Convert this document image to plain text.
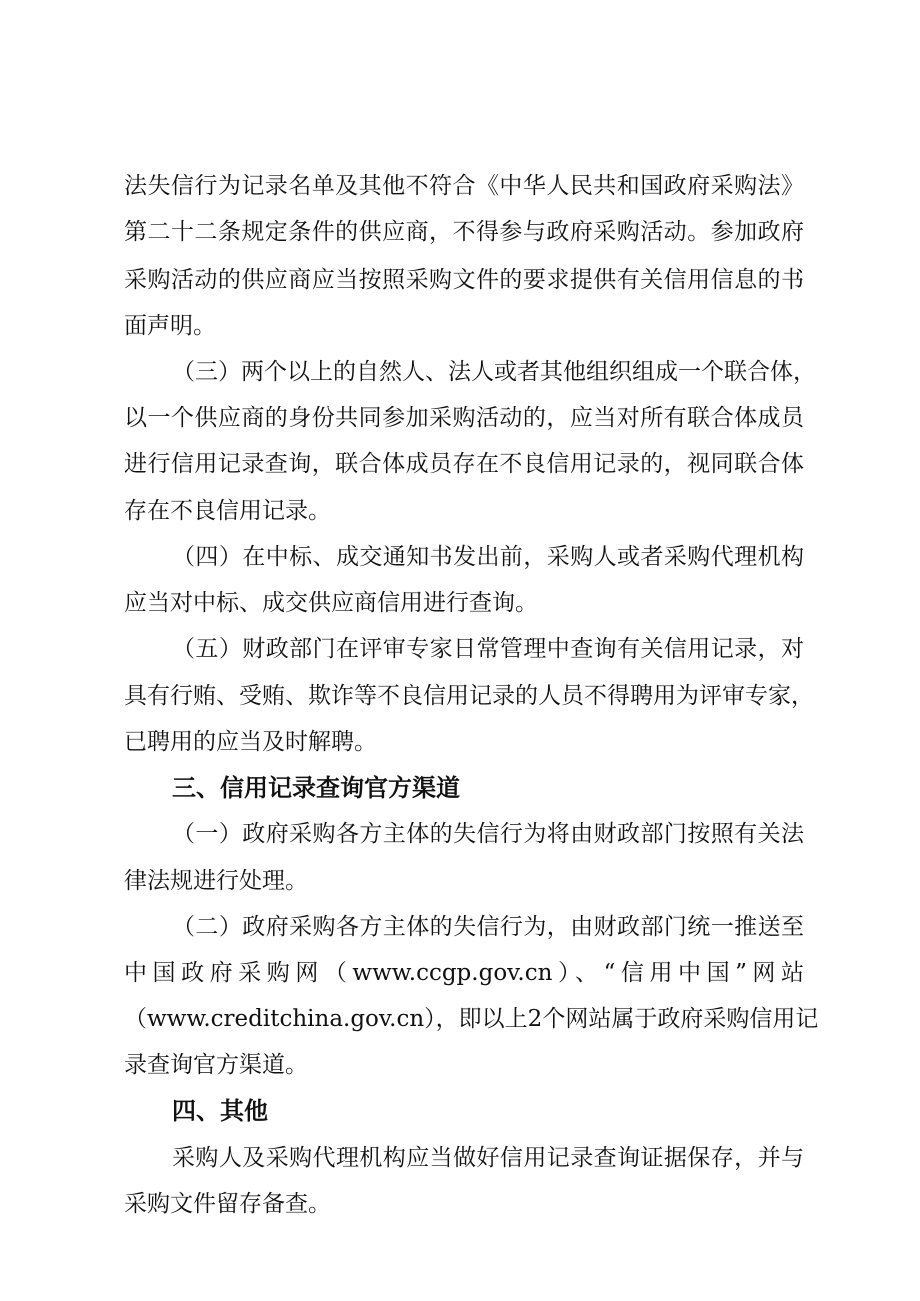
法失信行为记录名单及其他不符合《中华人民共和国政府采购法》
第二十二条规定条件的供应商，不得参与政府采购活动。参加政府
采购活动的供应商应当按照采购文件的要求提供有关信用信息的书
面声明。
（三）两个以上的自然人、法人或者其他组织组成一个联合体，
以一个供应商的身份共同参加采购活动的，应当对所有联合体成员
进行信用记录查询，联合体成员存在不良信用记录的，视同联合体
存在不良信用记录。
（四）在中标、成交通知书发出前，采购人或者采购代理机构
应当对中标、成交供应商信用进行查询。
（五）财政部门在评审专家日常管理中查询有关信用记录，对
具有行贿、受贿、欺诈等不良信用记录的人员不得聘用为评审专家，
已聘用的应当及时解聘。
三、信用记录查询官方渠道
（一）政府采购各方主体的失信行为将由财政部门按照有关法
律法规进行处理。
（二）政府采购各方主体的失信行为，由财政部门统一推送至
中国政府采购网（www.ccgp.gov.cn）、“信用中国”网站
（www.creditchina.gov.cn），即以上2个网站属于政府采购信用记
录查询官方渠道。
四、其他
采购人及采购代理机构应当做好信用记录查询证据保存，并与
采购文件留存备查。
